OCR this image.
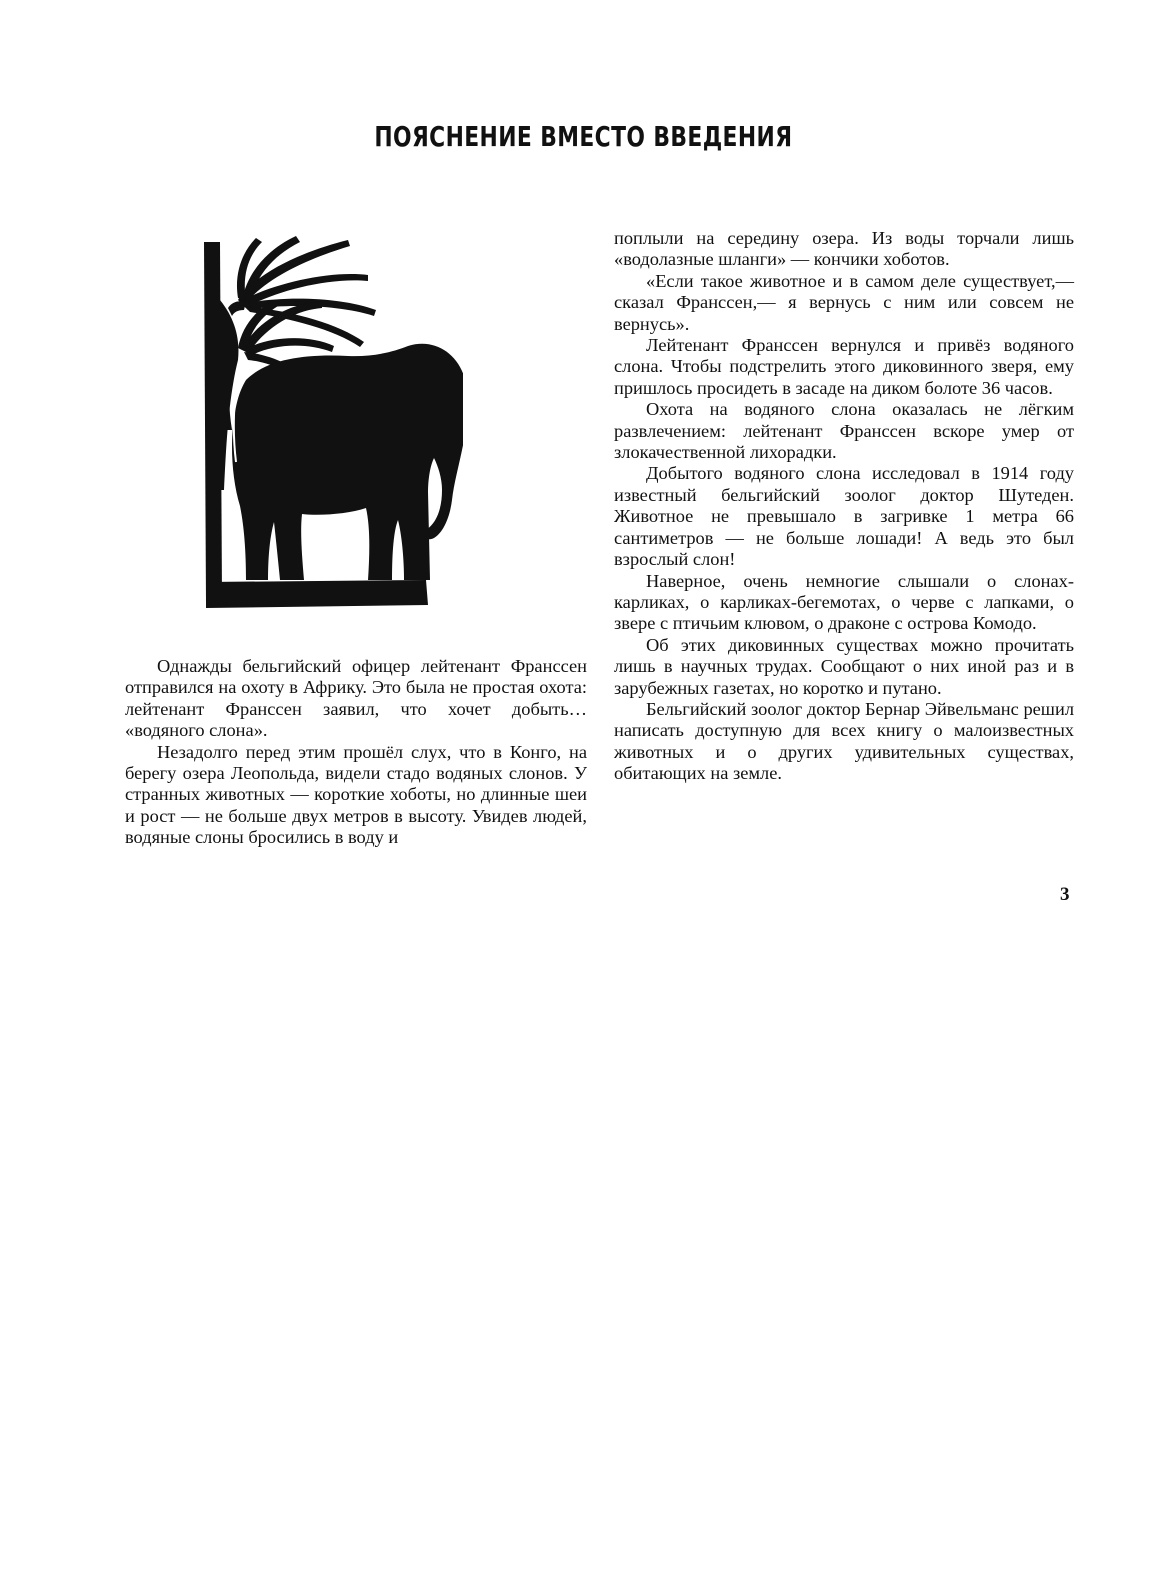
ПОЯСНЕНИЕ ВМЕСТО ВВЕДЕНИЯ

Однажды бельгийский офицер лейтенант Франссен отправился на охоту в Африку. Это была не простая охота: лейтенант Франссен заявил, что хочет добыть… «водяного слона».

Незадолго перед этим прошёл слух, что в Конго, на берегу озера Леопольда, видели стадо водяных слонов. У странных животных — короткие хоботы, но длинные шеи и рост — не больше двух метров в высоту. Увидев людей, водяные слоны бросились в воду и

поплыли на середину озера. Из воды торчали лишь «водолазные шланги» — кончики хоботов.

«Если такое животное и в самом деле существует,— сказал Франссен,— я вернусь с ним или совсем не вернусь».

Лейтенант Франссен вернулся и привёз водяного слона. Чтобы подстрелить этого диковинного зверя, ему пришлось просидеть в засаде на диком болоте 36 часов.

Охота на водяного слона оказалась не лёгким развлечением: лейтенант Франссен вскоре умер от злокачественной лихорадки.

Добытого водяного слона исследовал в 1914 году известный бельгийский зоолог доктор Шутеден. Животное не превышало в загривке 1 метра 66 сантиметров — не больше лошади! А ведь это был взрослый слон!

Наверное, очень немногие слышали о слонах-карликах, о карликах-бегемотах, о черве с лапками, о звере с птичьим клювом, о драконе с острова Комодо.

Об этих диковинных существах можно прочитать лишь в научных трудах. Сообщают о них иной раз и в зарубежных газетах, но коротко и путано.

Бельгийский зоолог доктор Бернар Эйвельманс решил написать доступную для всех книгу о малоизвестных животных и о других удивительных существах, обитающих на земле.

3
